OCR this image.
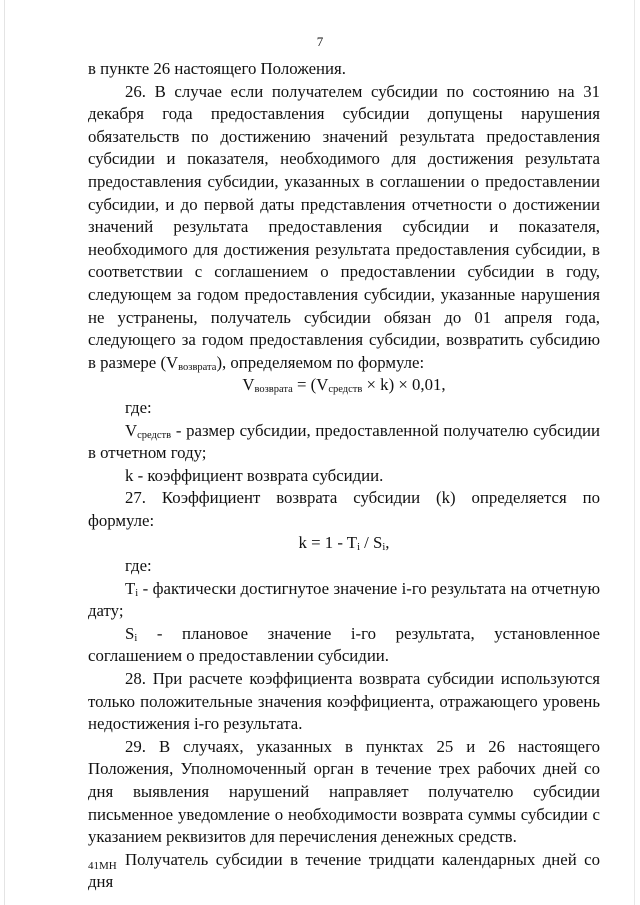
7

в пункте 26 настоящего Положения.

26. В случае если получателем субсидии по состоянию на 31 декабря года предоставления субсидии допущены нарушения обязательств по достижению значений результата предоставления субсидии и показателя, необходимого для достижения результата предоставления субсидии, указанных в соглашении о предоставлении субсидии, и до первой даты представления отчетности о достижении значений результата предоставления субсидии и показателя, необходимого для достижения результата предоставления субсидии, в соответствии с соглашением о предоставлении субсидии в году, следующем за годом предоставления субсидии, указанные нарушения не устранены, получатель субсидии обязан до 01 апреля года, следующего за годом предоставления субсидии, возвратить субсидию в размере $(V_{возврата})$, определяемом по формуле:

$V_{возврата} = (V_{средств} \times k) \times 0,01$,

где:

$V_{средств}$ - размер субсидии, предоставленной получателю субсидии в отчетном году;

k - коэффициент возврата субсидии.

27. Коэффициент возврата субсидии (k) определяется по формуле:

$k = 1 - T_i / S_i$,

где:

$T_i$ - фактически достигнутое значение i-го результата на отчетную дату;

$S_i$ - плановое значение i-го результата, установленное соглашением о предоставлении субсидии.

28. При расчете коэффициента возврата субсидии используются только положительные значения коэффициента, отражающего уровень недостижения i-го результата.

29. В случаях, указанных в пунктах 25 и 26 настоящего Положения, Уполномоченный орган в течение трех рабочих дней со дня выявления нарушений направляет получателю субсидии письменное уведомление о необходимости возврата суммы субсидии с указанием реквизитов для перечисления денежных средств.

Получатель субсидии в течение тридцати календарных дней со дня

41МН
